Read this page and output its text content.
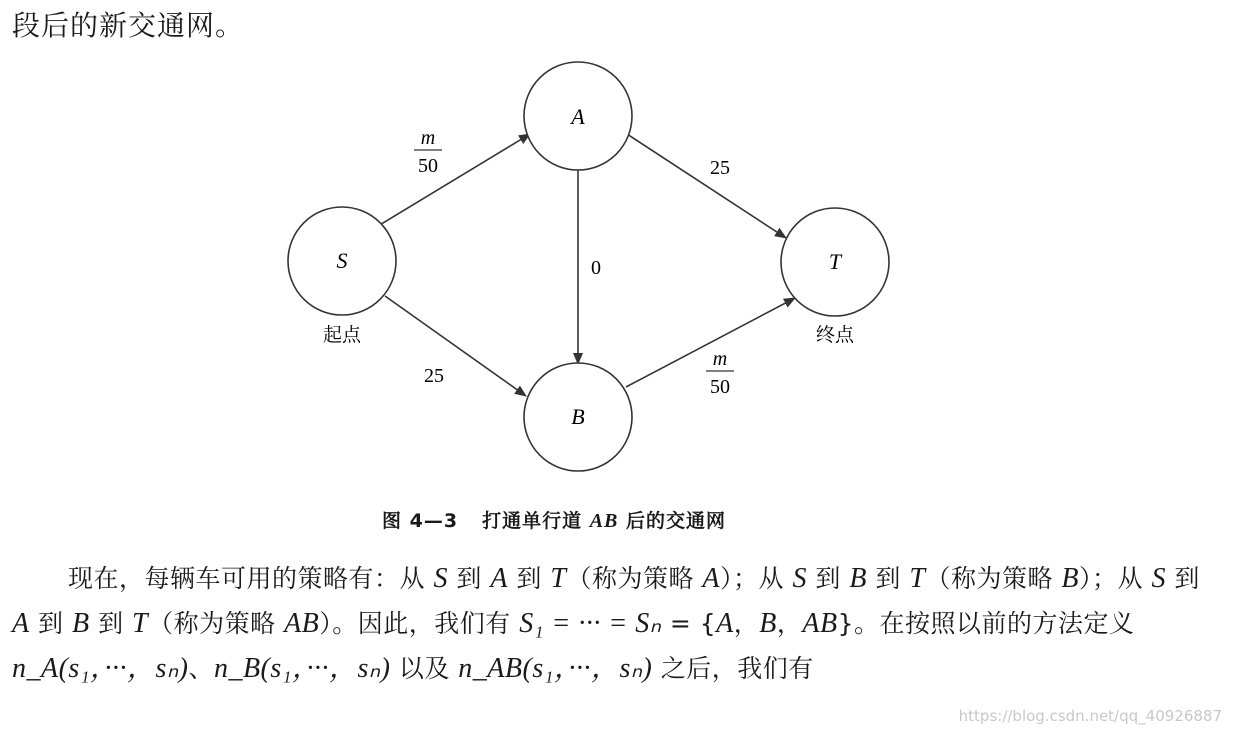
段后的新交通网。
S
起点
A
B
T
终点
m
50	25
0
25
m
50
图 4—3 打通单行道 AB 后的交通网
现在，每辆车可用的策略有：从 S 到 A 到 T（称为策略 A）；从 S 到 B 到 T（称为策略 B）；从 S 到 A 到 B 到 T（称为策略 AB）。因此，我们有 S₁ = ··· = Sₙ = {A，B，AB}。在按照以前的方法定义 n_A(s₁，···，sₙ)、n_B(s₁，···，sₙ) 以及 n_AB(s₁，···，sₙ) 之后，我们有
https://blog.csdn.net/qq_40926887
